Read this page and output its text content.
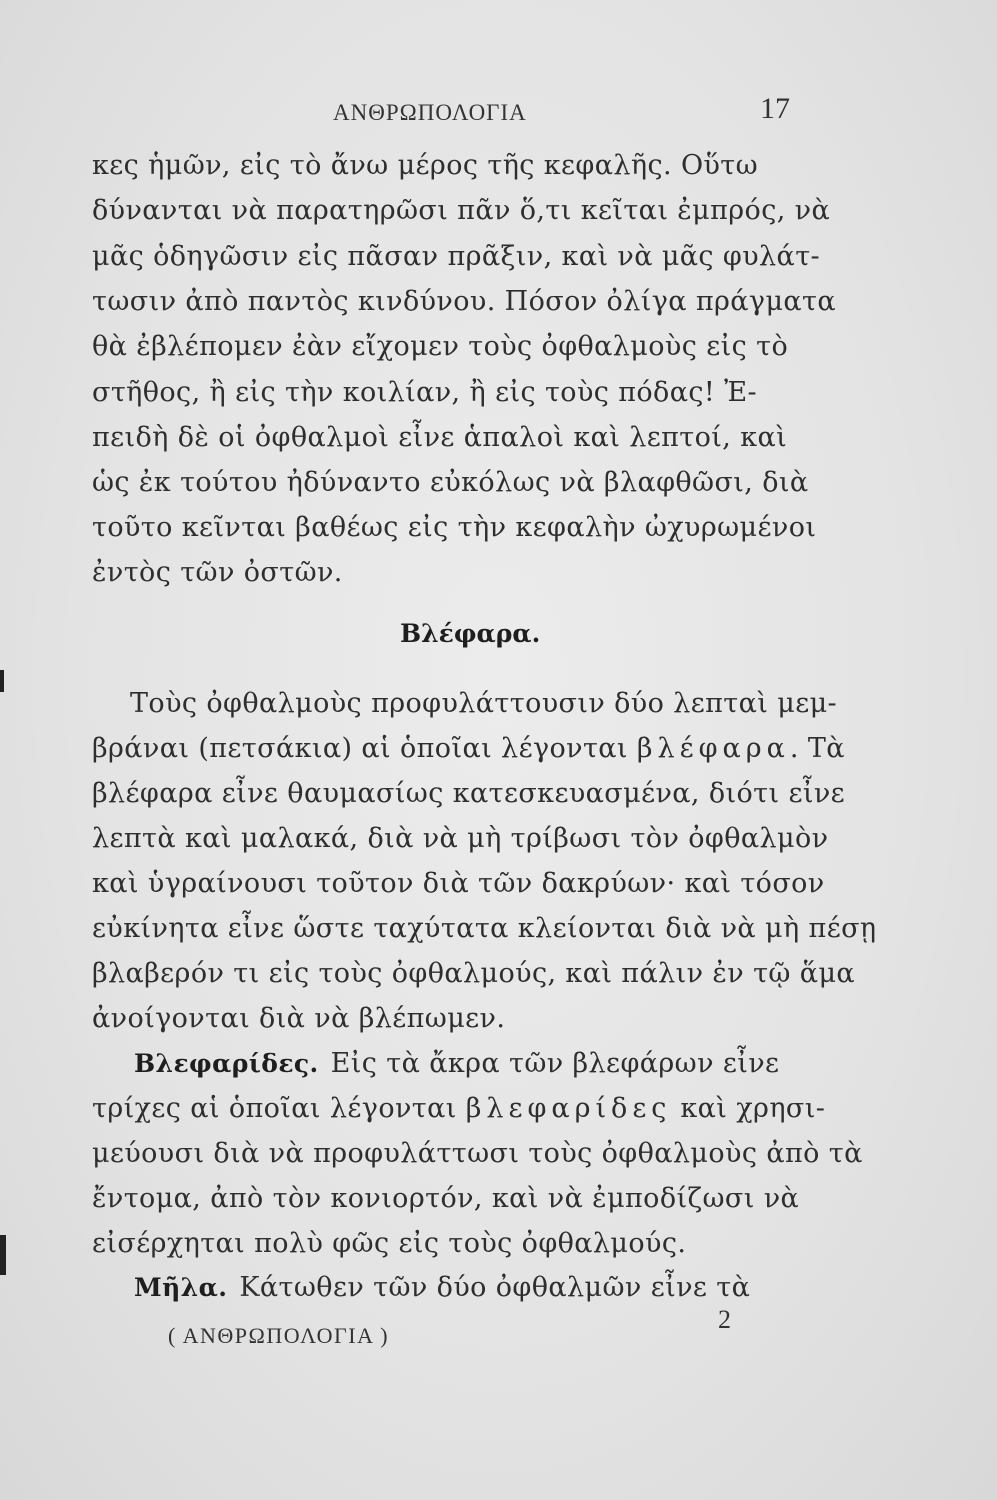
ΑΝΘΡΩΠΟΛΟΓΙΑ	17
κες ἡμῶν, εἰς τὸ ἄνω μέρος τῆς κεφαλῆς. Οὕτω
δύνανται νὰ παρατηρῶσι πᾶν ὅ,τι κεῖται ἐμπρός, νὰ
μᾶς ὁδηγῶσιν εἰς πᾶσαν πρᾶξιν, καὶ νὰ μᾶς φυλάτ-
τωσιν ἀπὸ παντὸς κινδύνου. Πόσον ὀλίγα πράγματα
θὰ ἐβλέπομεν ἐὰν εἴχομεν τοὺς ὀφθαλμοὺς εἰς τὸ
στῆθος, ἢ εἰς τὴν κοιλίαν, ἢ εἰς τοὺς πόδας! Ἐ-
πειδὴ δὲ οἱ ὀφθαλμοὶ εἶνε ἁπαλοὶ καὶ λεπτοί, καὶ
ὡς ἐκ τούτου ἠδύναντο εὐκόλως νὰ βλαφθῶσι, διὰ
τοῦτο κεῖνται βαθέως εἰς τὴν κεφαλὴν ὠχυρωμένοι
ἐντὸς τῶν ὀστῶν.
Βλέφαρα.
Τοὺς ὀφθαλμοὺς προφυλάττουσιν δύο λεπταὶ μεμ-
βράναι (πετσάκια) αἱ ὁποῖαι λέγονται βλέφαρα. Τὰ
βλέφαρα εἶνε θαυμασίως κατεσκευασμένα, διότι εἶνε
λεπτὰ καὶ μαλακά, διὰ νὰ μὴ τρίβωσι τὸν ὀφθαλμὸν
καὶ ὑγραίνουσι τοῦτον διὰ τῶν δακρύων· καὶ τόσον
εὐκίνητα εἶνε ὥστε ταχύτατα κλείονται διὰ νὰ μὴ πέσῃ
βλαβερόν τι εἰς τοὺς ὀφθαλμούς, καὶ πάλιν ἐν τῷ ἅμα
ἀνοίγονται διὰ νὰ βλέπωμεν.
Βλεφαρίδες. Εἰς τὰ ἄκρα τῶν βλεφάρων εἶνε
τρίχες αἱ ὁποῖαι λέγονται βλεφαρίδες καὶ χρησι-
μεύουσι διὰ νὰ προφυλάττωσι τοὺς ὀφθαλμοὺς ἀπὸ τὰ
ἔντομα, ἀπὸ τὸν κονιορτόν, καὶ νὰ ἐμποδίζωσι νὰ
εἰσέρχηται πολὺ φῶς εἰς τοὺς ὀφθαλμούς.
Μῆλα. Κάτωθεν τῶν δύο ὀφθαλμῶν εἶνε τὰ
( ΑΝΘΡΩΠΟΛΟΓΙΑ )
2
